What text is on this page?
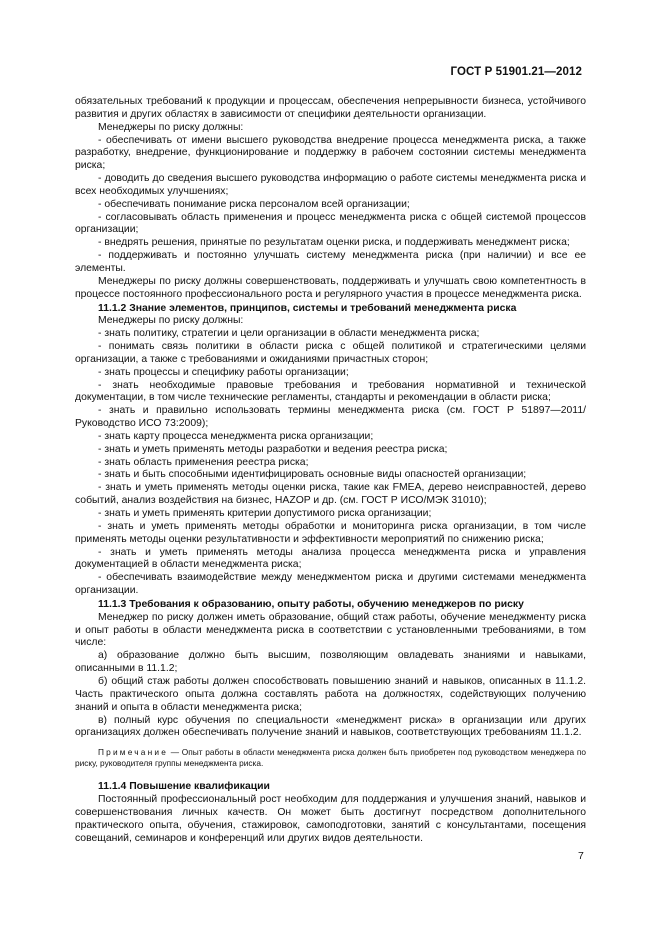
ГОСТ Р 51901.21—2012

обязательных требований к продукции и процессам, обеспечения непрерывности бизнеса, устойчивого развития и других областях в зависимости от специфики деятельности организации.

Менеджеры по риску должны:

- обеспечивать от имени высшего руководства внедрение процесса менеджмента риска, а также разработку, внедрение, функционирование и поддержку в рабочем состоянии системы менеджмента риска;

- доводить до сведения высшего руководства информацию о работе системы менеджмента риска и всех необходимых улучшениях;

- обеспечивать понимание риска персоналом всей организации;

- согласовывать область применения и процесс менеджмента риска с общей системой процессов организации;

- внедрять решения, принятые по результатам оценки риска, и поддерживать менеджмент риска;

- поддерживать и постоянно улучшать систему менеджмента риска (при наличии) и все ее элементы.

Менеджеры по риску должны совершенствовать, поддерживать и улучшать свою компетентность в процессе постоянного профессионального роста и регулярного участия в процессе менеджмента риска.

11.1.2 Знание элементов, принципов, системы и требований менеджмента риска

Менеджеры по риску должны:

- знать политику, стратегии и цели организации в области менеджмента риска;

- понимать связь политики в области риска с общей политикой и стратегическими целями организации, а также с требованиями и ожиданиями причастных сторон;

- знать процессы и специфику работы организации;

- знать необходимые правовые требования и требования нормативной и технической документации, в том числе технические регламенты, стандарты и рекомендации в области риска;

- знать и правильно использовать термины менеджмента риска (см. ГОСТ Р 51897—2011/Руководство ИСО 73:2009);

- знать карту процесса менеджмента риска организации;

- знать и уметь применять методы разработки и ведения реестра риска;

- знать область применения реестра риска;

- знать и быть способными идентифицировать основные виды опасностей организации;

- знать и уметь применять методы оценки риска, такие как FMEA, дерево неисправностей, дерево событий, анализ воздействия на бизнес, HAZOP и др. (см. ГОСТ Р ИСО/МЭК 31010);

- знать и уметь применять критерии допустимого риска организации;

- знать и уметь применять методы обработки и мониторинга риска организации, в том числе применять методы оценки результативности и эффективности мероприятий по снижению риска;

- знать и уметь применять методы анализа процесса менеджмента риска и управления документацией в области менеджмента риска;

- обеспечивать взаимодействие между менеджментом риска и другими системами менеджмента организации.

11.1.3 Требования к образованию, опыту работы, обучению менеджеров по риску

Менеджер по риску должен иметь образование, общий стаж работы, обучение менеджменту риска и опыт работы в области менеджмента риска в соответствии с установленными требованиями, в том числе:

а) образование должно быть высшим, позволяющим овладевать знаниями и навыками, описанными в 11.1.2;

б) общий стаж работы должен способствовать повышению знаний и навыков, описанных в 11.1.2. Часть практического опыта должна составлять работа на должностях, содействующих получению знаний и опыта в области менеджмента риска;

в) полный курс обучения по специальности «менеджмент риска» в организации или других организациях должен обеспечивать получение знаний и навыков, соответствующих требованиям 11.1.2.

Примечание — Опыт работы в области менеджмента риска должен быть приобретен под руководством менеджера по риску, руководителя группы менеджмента риска.

11.1.4 Повышение квалификации

Постоянный профессиональный рост необходим для поддержания и улучшения знаний, навыков и совершенствования личных качеств. Он может быть достигнут посредством дополнительного практического опыта, обучения, стажировок, самоподготовки, занятий с консультантами, посещения совещаний, семинаров и конференций или других видов деятельности.

7
